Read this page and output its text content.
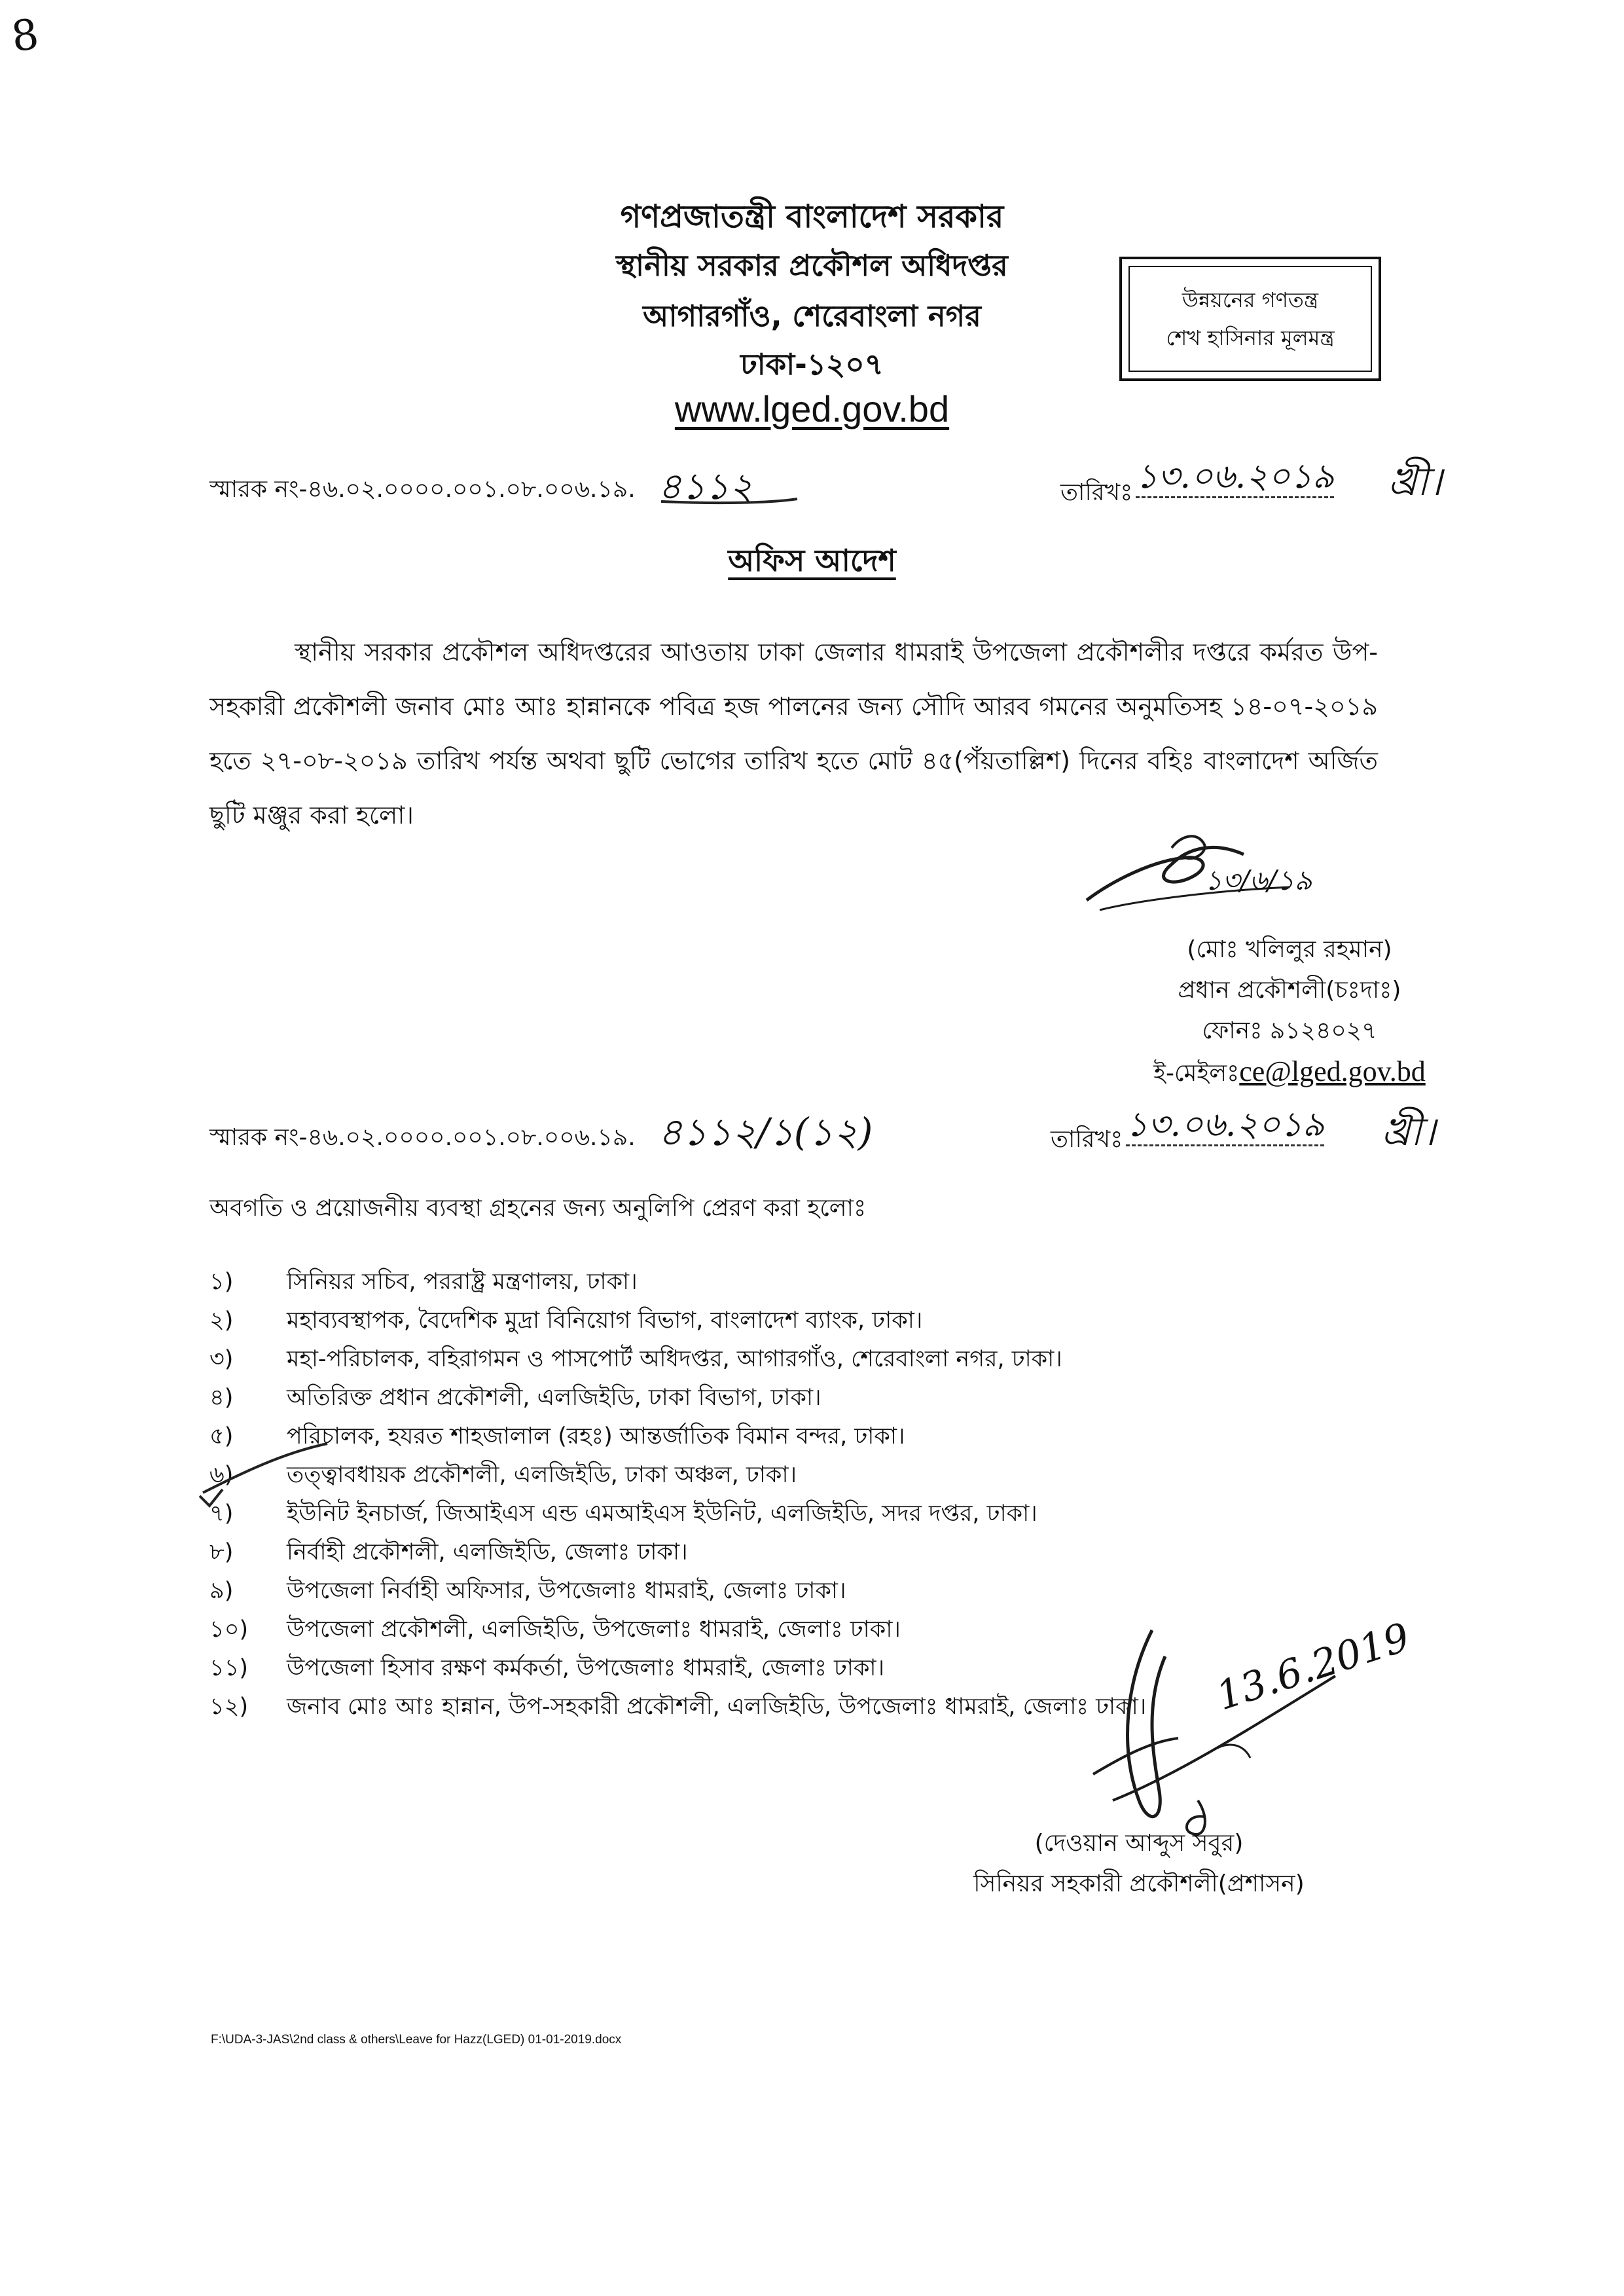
8
গণপ্রজাতন্ত্রী বাংলাদেশ সরকার
স্থানীয় সরকার প্রকৌশল অধিদপ্তর
আগারগাঁও, শেরেবাংলা নগর
ঢাকা-১২০৭
www.lged.gov.bd
উন্নয়নের গণতন্ত্র
শেখ হাসিনার মূলমন্ত্র
স্মারক নং-৪৬.০২.০০০০.০০১.০৮.০০৬.১৯. ৪১১২	তারিখঃ ১৩.০৬.২০১৯ খ্রী।
অফিস আদেশ
স্থানীয় সরকার প্রকৌশল অধিদপ্তরের আওতায় ঢাকা জেলার ধামরাই উপজেলা প্রকৌশলীর দপ্তরে কর্মরত উপ-সহকারী প্রকৌশলী জনাব মোঃ আঃ হান্নানকে পবিত্র হজ পালনের জন্য সৌদি আরব গমনের অনুমতিসহ ১৪-০৭-২০১৯ হতে ২৭-০৮-২০১৯ তারিখ পর্যন্ত অথবা ছুটি ভোগের তারিখ হতে মোট ৪৫(পঁয়তাল্লিশ) দিনের বহিঃ বাংলাদেশ অর্জিত ছুটি মঞ্জুর করা হলো।
১৩/৬/১৯
(মোঃ খলিলুর রহমান)
প্রধান প্রকৌশলী(চঃদাঃ)
ফোনঃ ৯১২৪০২৭
ই-মেইলঃce@lged.gov.bd
স্মারক নং-৪৬.০২.০০০০.০০১.০৮.০০৬.১৯. ৪১১২/১(১২)	তারিখঃ ১৩.০৬.২০১৯ খ্রী।
অবগতি ও প্রয়োজনীয় ব্যবস্থা গ্রহনের জন্য অনুলিপি প্রেরণ করা হলোঃ
১) সিনিয়র সচিব, পররাষ্ট্র মন্ত্রণালয়, ঢাকা।
২) মহাব্যবস্থাপক, বৈদেশিক মুদ্রা বিনিয়োগ বিভাগ, বাংলাদেশ ব্যাংক, ঢাকা।
৩) মহা-পরিচালক, বহিরাগমন ও পাসপোর্ট অধিদপ্তর, আগারগাঁও, শেরেবাংলা নগর, ঢাকা।
৪) অতিরিক্ত প্রধান প্রকৌশলী, এলজিইডি, ঢাকা বিভাগ, ঢাকা।
৫) পরিচালক, হযরত শাহজালাল (রহঃ) আন্তর্জাতিক বিমান বন্দর, ঢাকা।
৬) তত্ত্বাবধায়ক প্রকৌশলী, এলজিইডি, ঢাকা অঞ্চল, ঢাকা।
৭) ইউনিট ইনচার্জ, জিআইএস এন্ড এমআইএস ইউনিট, এলজিইডি, সদর দপ্তর, ঢাকা।
৮) নির্বাহী প্রকৌশলী, এলজিইডি, জেলাঃ ঢাকা।
৯) উপজেলা নির্বাহী অফিসার, উপজেলাঃ ধামরাই, জেলাঃ ঢাকা।
১০) উপজেলা প্রকৌশলী, এলজিইডি, উপজেলাঃ ধামরাই, জেলাঃ ঢাকা।
১১) উপজেলা হিসাব রক্ষণ কর্মকর্তা, উপজেলাঃ ধামরাই, জেলাঃ ঢাকা।
১২) জনাব মোঃ আঃ হান্নান, উপ-সহকারী প্রকৌশলী, এলজিইডি, উপজেলাঃ ধামরাই, জেলাঃ ঢাকা। 13.6.2019
(দেওয়ান আব্দুস সবুর)
সিনিয়র সহকারী প্রকৌশলী(প্রশাসন)
F:\UDA-3-JAS\2nd class & others\Leave for Hazz(LGED) 01-01-2019.docx
